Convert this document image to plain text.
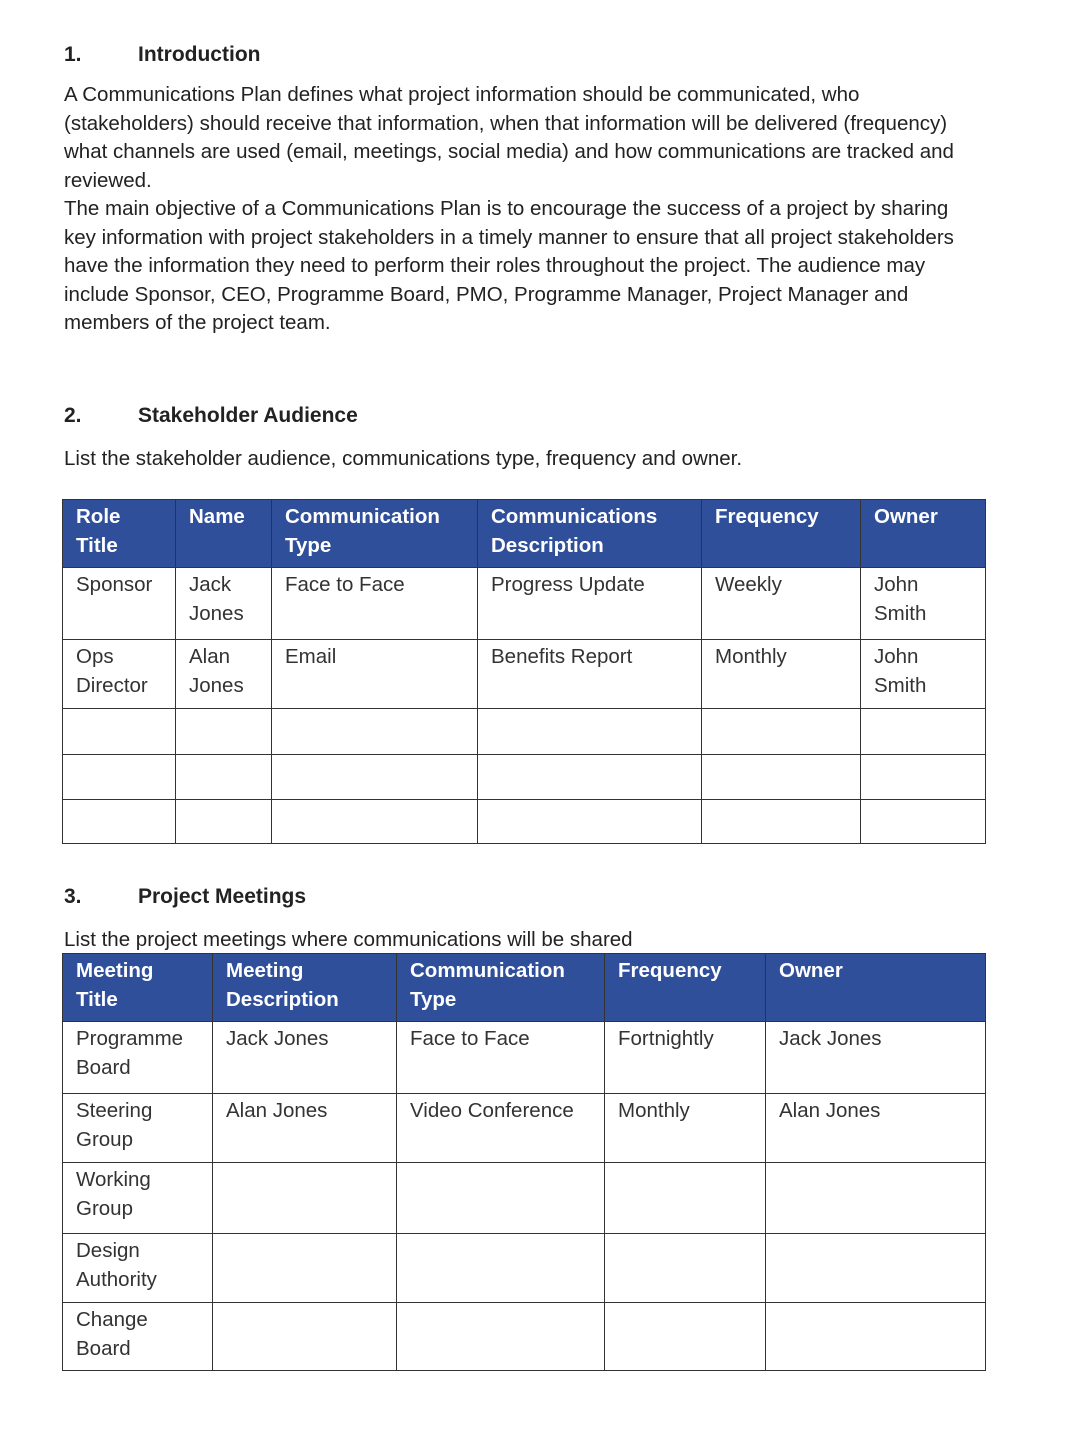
1.	Introduction

A Communications Plan defines what project information should be communicated, who (stakeholders) should receive that information, when that information will be delivered (frequency) what channels are used (email, meetings, social media) and how communications are tracked and reviewed.

The main objective of a Communications Plan is to encourage the success of a project by sharing key information with project stakeholders in a timely manner to ensure that all project stakeholders have the information they need to perform their roles throughout the project. The audience may include Sponsor, CEO, Programme Board, PMO, Programme Manager, Project Manager and members of the project team.

2.	Stakeholder Audience

List the stakeholder audience, communications type, frequency and owner.

Role Title	Name	Communication Type	Communications Description	Frequency	Owner
Sponsor	Jack Jones	Face to Face	Progress Update	Weekly	John Smith
Ops Director	Alan Jones	Email	Benefits Report	Monthly	John Smith

3.	Project Meetings

List the project meetings where communications will be shared

Meeting Title	Meeting Description	Communication Type	Frequency	Owner
Programme Board	Jack Jones	Face to Face	Fortnightly	Jack Jones
Steering Group	Alan Jones	Video Conference	Monthly	Alan Jones
Working Group				
Design Authority				
Change Board				
